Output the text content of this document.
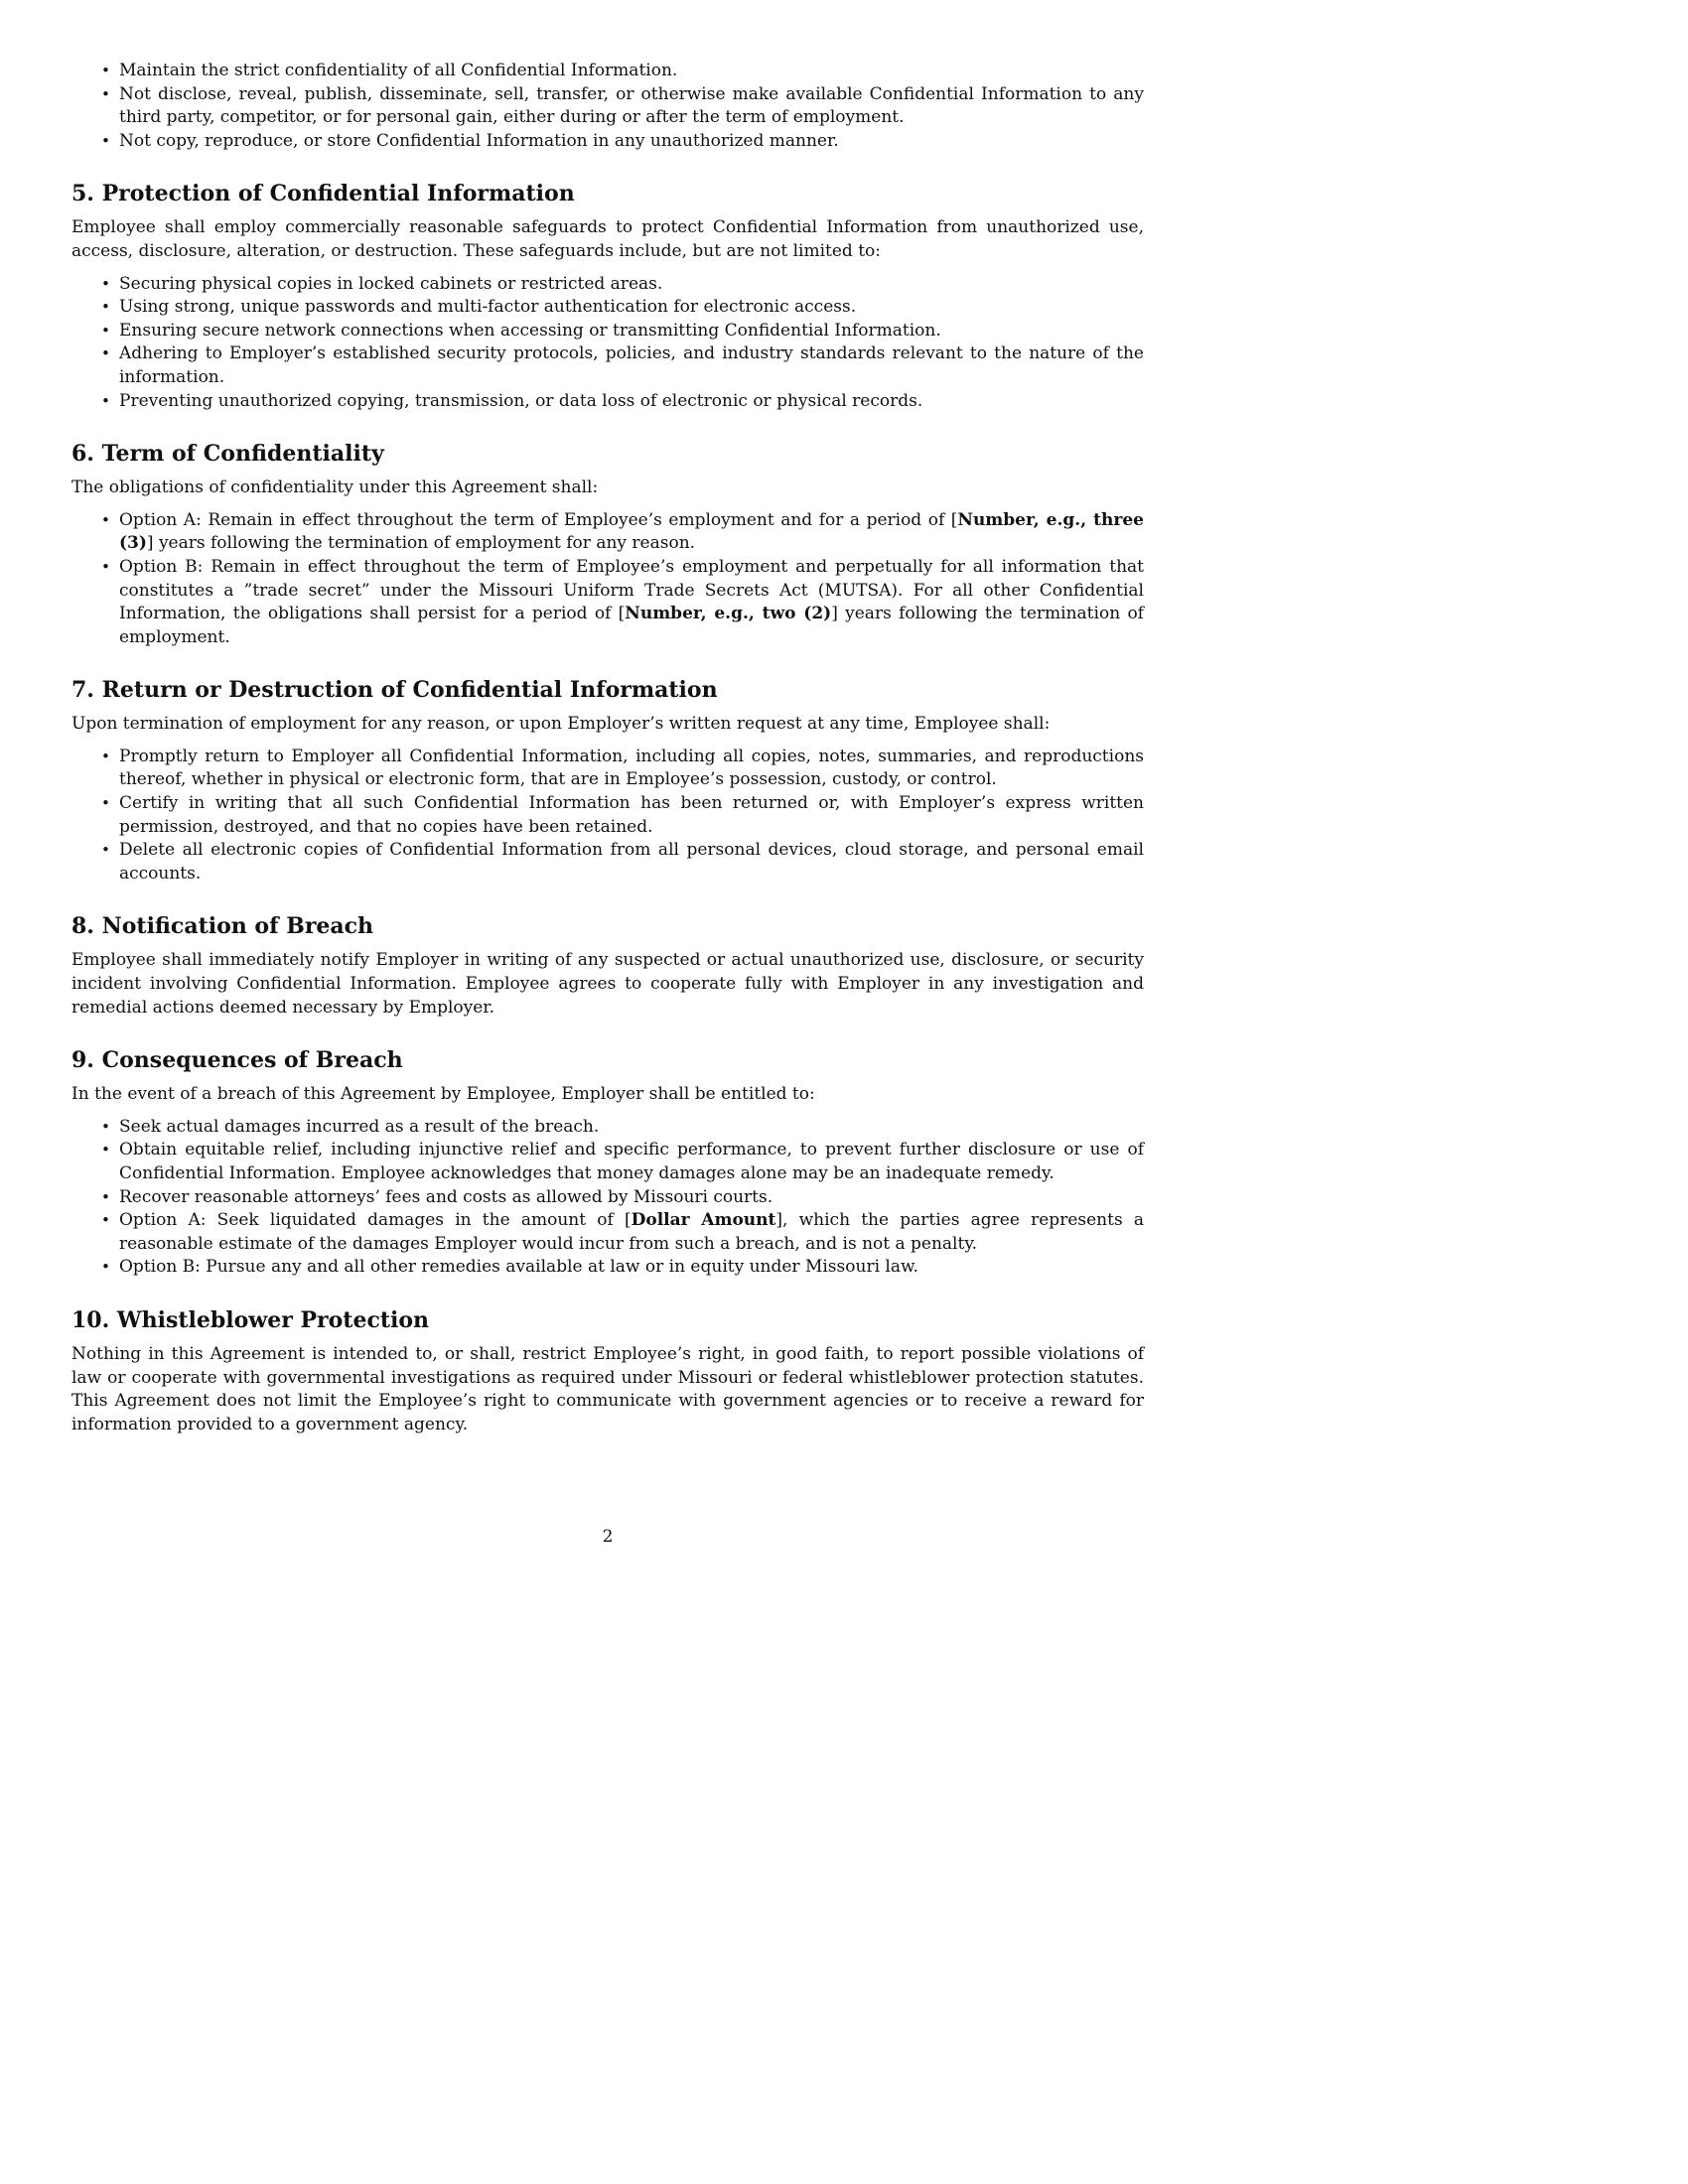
• Maintain the strict confidentiality of all Confidential Information.
• Not disclose, reveal, publish, disseminate, sell, transfer, or otherwise make available Confidential Information to any third party, competitor, or for personal gain, either during or after the term of employment.
• Not copy, reproduce, or store Confidential Information in any unauthorized manner.
5. Protection of Confidential Information

Employee shall employ commercially reasonable safeguards to protect Confidential Information from unauthorized use, access, disclosure, alteration, or destruction. These safeguards include, but are not limited to:

• Securing physical copies in locked cabinets or restricted areas.
• Using strong, unique passwords and multi-factor authentication for electronic access.
• Ensuring secure network connections when accessing or transmitting Confidential Information.
• Adhering to Employer’s established security protocols, policies, and industry standards relevant to the nature of the information.
• Preventing unauthorized copying, transmission, or data loss of electronic or physical records.
6. Term of Confidentiality

The obligations of confidentiality under this Agreement shall:

• Option A: Remain in effect throughout the term of Employee’s employment and for a period of [Number, e.g., three (3)] years following the termination of employment for any reason.
• Option B: Remain in effect throughout the term of Employee’s employment and perpetually for all information that constitutes a ”trade secret” under the Missouri Uniform Trade Secrets Act (MUTSA). For all other Confidential Information, the obligations shall persist for a period of [Number, e.g., two (2)] years following the termination of employment.
7. Return or Destruction of Confidential Information

Upon termination of employment for any reason, or upon Employer’s written request at any time, Employee shall:

• Promptly return to Employer all Confidential Information, including all copies, notes, summaries, and reproductions thereof, whether in physical or electronic form, that are in Employee’s possession, custody, or control.
• Certify in writing that all such Confidential Information has been returned or, with Employer’s express written permission, destroyed, and that no copies have been retained.
• Delete all electronic copies of Confidential Information from all personal devices, cloud storage, and personal email accounts.
8. Notification of Breach

Employee shall immediately notify Employer in writing of any suspected or actual unauthorized use, disclosure, or security incident involving Confidential Information. Employee agrees to cooperate fully with Employer in any investigation and remedial actions deemed necessary by Employer.

9. Consequences of Breach

In the event of a breach of this Agreement by Employee, Employer shall be entitled to:

• Seek actual damages incurred as a result of the breach.
• Obtain equitable relief, including injunctive relief and specific performance, to prevent further disclosure or use of Confidential Information. Employee acknowledges that money damages alone may be an inadequate remedy.
• Recover reasonable attorneys’ fees and costs as allowed by Missouri courts.
• Option A: Seek liquidated damages in the amount of [Dollar Amount], which the parties agree represents a reasonable estimate of the damages Employer would incur from such a breach, and is not a penalty.
• Option B: Pursue any and all other remedies available at law or in equity under Missouri law.
10. Whistleblower Protection

Nothing in this Agreement is intended to, or shall, restrict Employee’s right, in good faith, to report possible violations of law or cooperate with governmental investigations as required under Missouri or federal whistleblower protection statutes. This Agreement does not limit the Employee’s right to communicate with government agencies or to receive a reward for information provided to a government agency.

2
